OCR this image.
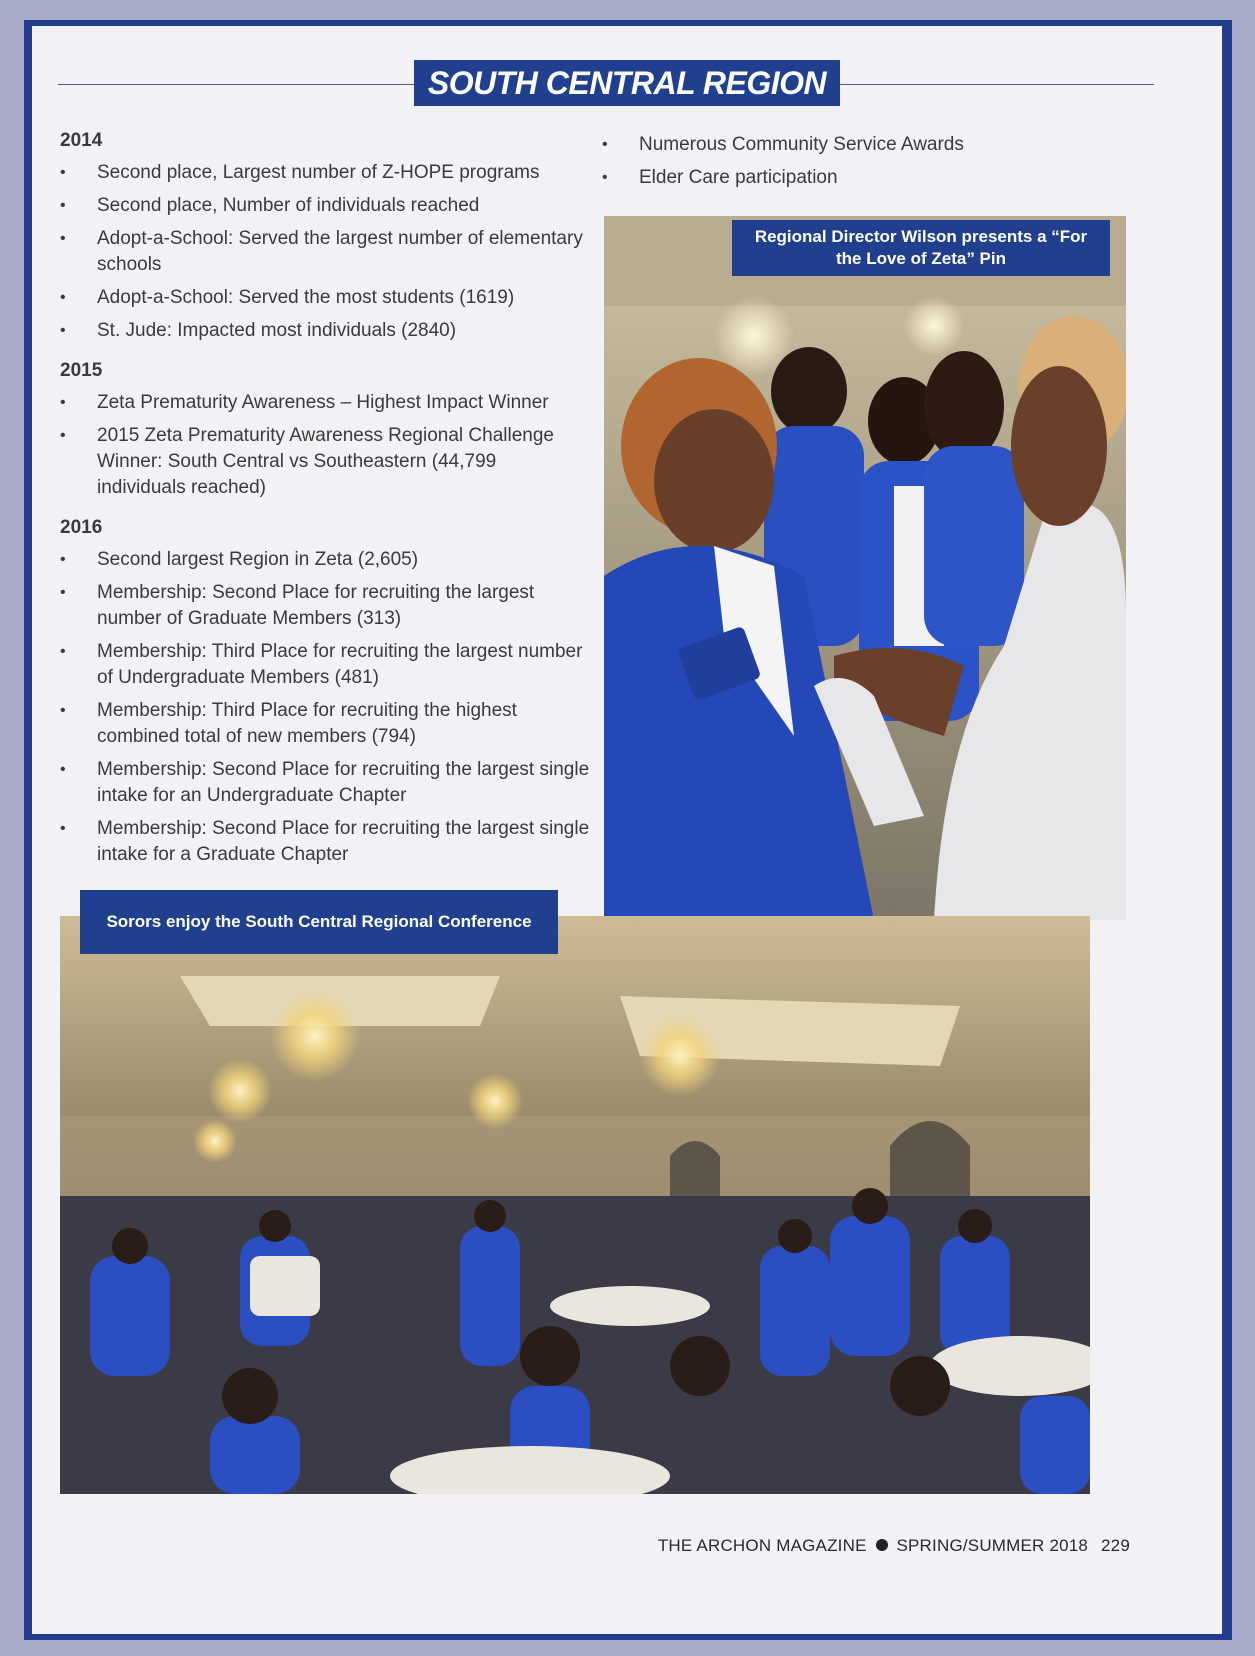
SOUTH CENTRAL REGION
2014
• Second place, Largest number of Z-HOPE programs
• Second place, Number of individuals reached
• Adopt-a-School: Served the largest number of elementary schools
• Adopt-a-School: Served the most students (1619)
• St. Jude: Impacted most individuals (2840)
2015
• Zeta Prematurity Awareness – Highest Impact Winner
• 2015 Zeta Prematurity Awareness Regional Challenge Winner: South Central vs Southeastern (44,799 individuals reached)
2016
• Second largest Region in Zeta (2,605)
• Membership: Second Place for recruiting the largest number of Graduate Members (313)
• Membership: Third Place for recruiting the largest number of Undergraduate Members (481)
• Membership: Third Place for recruiting the highest combined total of new members (794)
• Membership: Second Place for recruiting the largest single intake for an Undergraduate Chapter
• Membership: Second Place for recruiting the largest single intake for a Graduate Chapter
• Numerous Community Service Awards
• Elder Care participation
Regional Director Wilson presents a “For the Love of Zeta” Pin
Sorors enjoy the South Central Regional Conference
THE ARCHON MAGAZINE SPRING/SUMMER 2018 229
